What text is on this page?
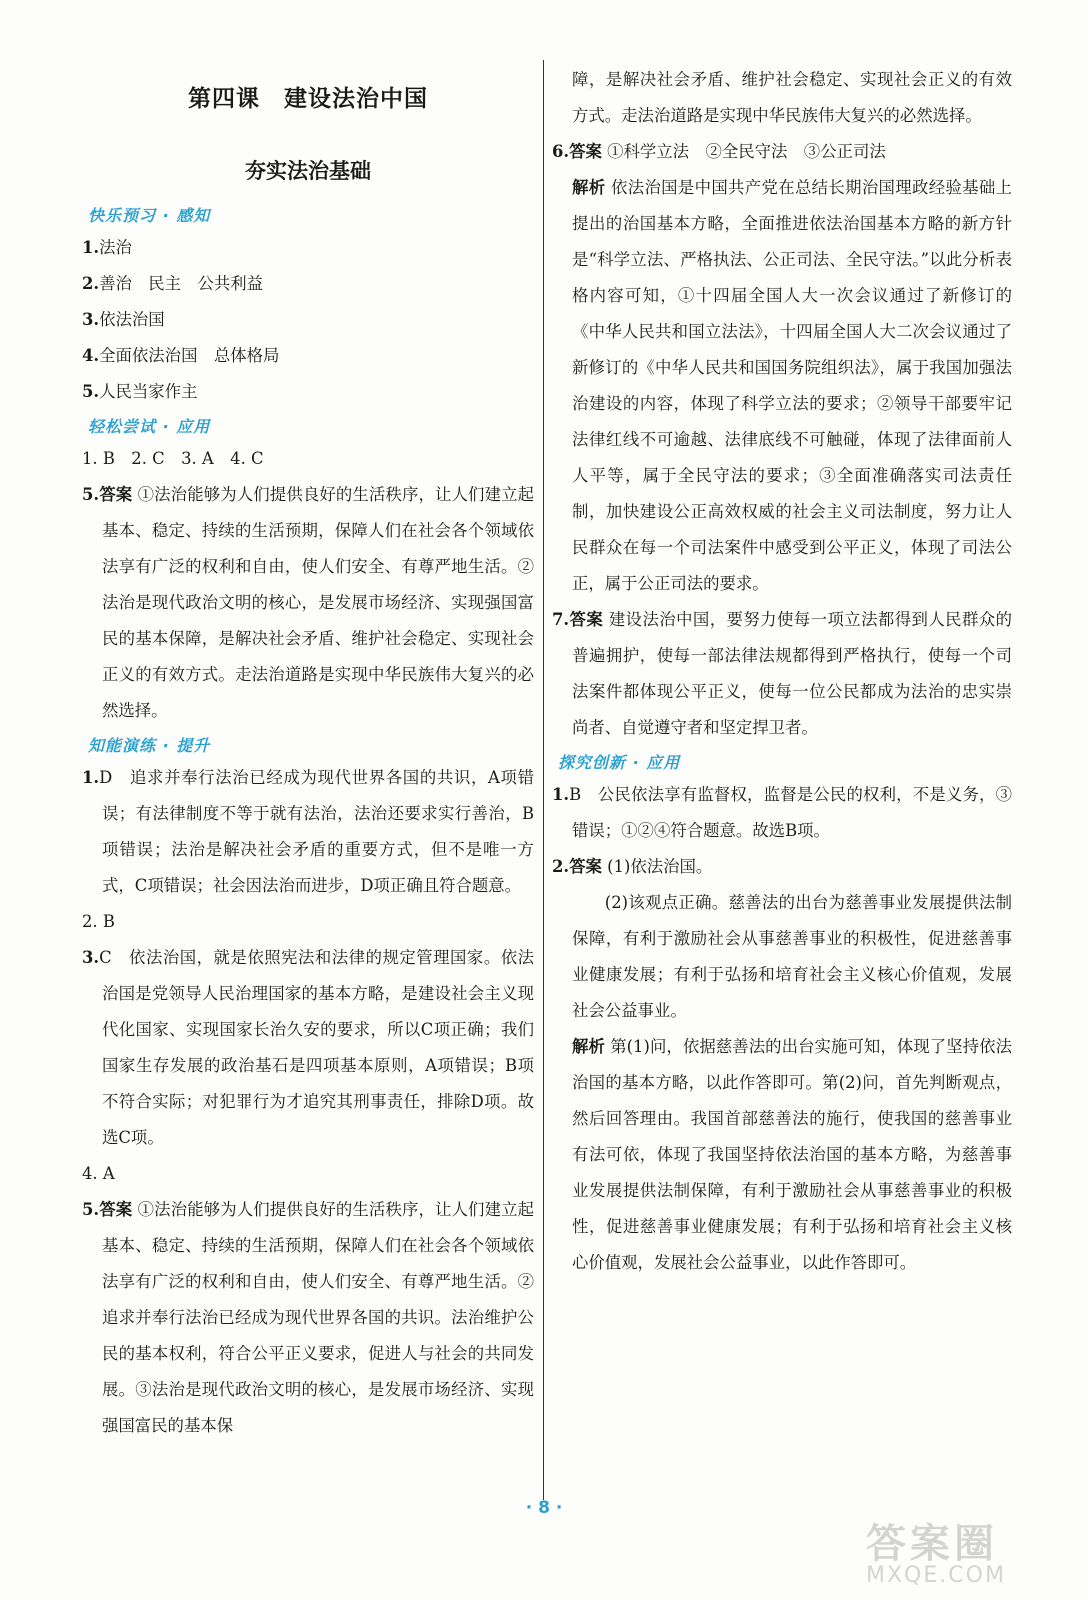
第四课　建设法治中国
夯实法治基础
快乐预习 · 感知

1.法治

2.善治　民主　公共利益

3.依法治国

4.全面依法治国　总体格局

5.人民当家作主

轻松尝试 · 应用

1. B　2. C　3. A　4. C

5.答案 ①法治能够为人们提供良好的生活秩序，让人们建立起基本、稳定、持续的生活预期，保障人们在社会各个领域依法享有广泛的权利和自由，使人们安全、有尊严地生活。②法治是现代政治文明的核心，是发展市场经济、实现强国富民的基本保障，是解决社会矛盾、维护社会稳定、实现社会正义的有效方式。走法治道路是实现中华民族伟大复兴的必然选择。

知能演练 · 提升

1.D　追求并奉行法治已经成为现代世界各国的共识，A项错误；有法律制度不等于就有法治，法治还要求实行善治，B项错误；法治是解决社会矛盾的重要方式，但不是唯一方式，C项错误；社会因法治而进步，D项正确且符合题意。

2. B

3.C　依法治国，就是依照宪法和法律的规定管理国家。依法治国是党领导人民治理国家的基本方略，是建设社会主义现代化国家、实现国家长治久安的要求，所以C项正确；我们国家生存发展的政治基石是四项基本原则，A项错误；B项不符合实际；对犯罪行为才追究其刑事责任，排除D项。故选C项。

4. A

5.答案 ①法治能够为人们提供良好的生活秩序，让人们建立起基本、稳定、持续的生活预期，保障人们在社会各个领域依法享有广泛的权利和自由，使人们安全、有尊严地生活。②追求并奉行法治已经成为现代世界各国的共识。法治维护公民的基本权利，符合公平正义要求，促进人与社会的共同发展。③法治是现代政治文明的核心，是发展市场经济、实现强国富民的基本保

障，是解决社会矛盾、维护社会稳定、实现社会正义的有效方式。走法治道路是实现中华民族伟大复兴的必然选择。

6.答案 ①科学立法　②全民守法　③公正司法

解析 依法治国是中国共产党在总结长期治国理政经验基础上提出的治国基本方略，全面推进依法治国基本方略的新方针是“科学立法、严格执法、公正司法、全民守法。”以此分析表格内容可知，①十四届全国人大一次会议通过了新修订的《中华人民共和国立法法》，十四届全国人大二次会议通过了新修订的《中华人民共和国国务院组织法》，属于我国加强法治建设的内容，体现了科学立法的要求；②领导干部要牢记法律红线不可逾越、法律底线不可触碰，体现了法律面前人人平等，属于全民守法的要求；③全面准确落实司法责任制，加快建设公正高效权威的社会主义司法制度，努力让人民群众在每一个司法案件中感受到公平正义，体现了司法公正，属于公正司法的要求。

7.答案 建设法治中国，要努力使每一项立法都得到人民群众的普遍拥护，使每一部法律法规都得到严格执行，使每一个司法案件都体现公平正义，使每一位公民都成为法治的忠实崇尚者、自觉遵守者和坚定捍卫者。

探究创新 · 应用

1.B　公民依法享有监督权，监督是公民的权利，不是义务，③错误；①②④符合题意。故选B项。

2.答案 (1)依法治国。

(2)该观点正确。慈善法的出台为慈善事业发展提供法制保障，有利于激励社会从事慈善事业的积极性，促进慈善事业健康发展；有利于弘扬和培育社会主义核心价值观，发展社会公益事业。

解析 第(1)问，依据慈善法的出台实施可知，体现了坚持依法治国的基本方略，以此作答即可。第(2)问，首先判断观点，然后回答理由。我国首部慈善法的施行，使我国的慈善事业有法可依，体现了我国坚持依法治国的基本方略，为慈善事业发展提供法制保障，有利于激励社会从事慈善事业的积极性，促进慈善事业健康发展；有利于弘扬和培育社会主义核心价值观，发展社会公益事业，以此作答即可。

· 8 ·
答案圈
MXQE.COM
